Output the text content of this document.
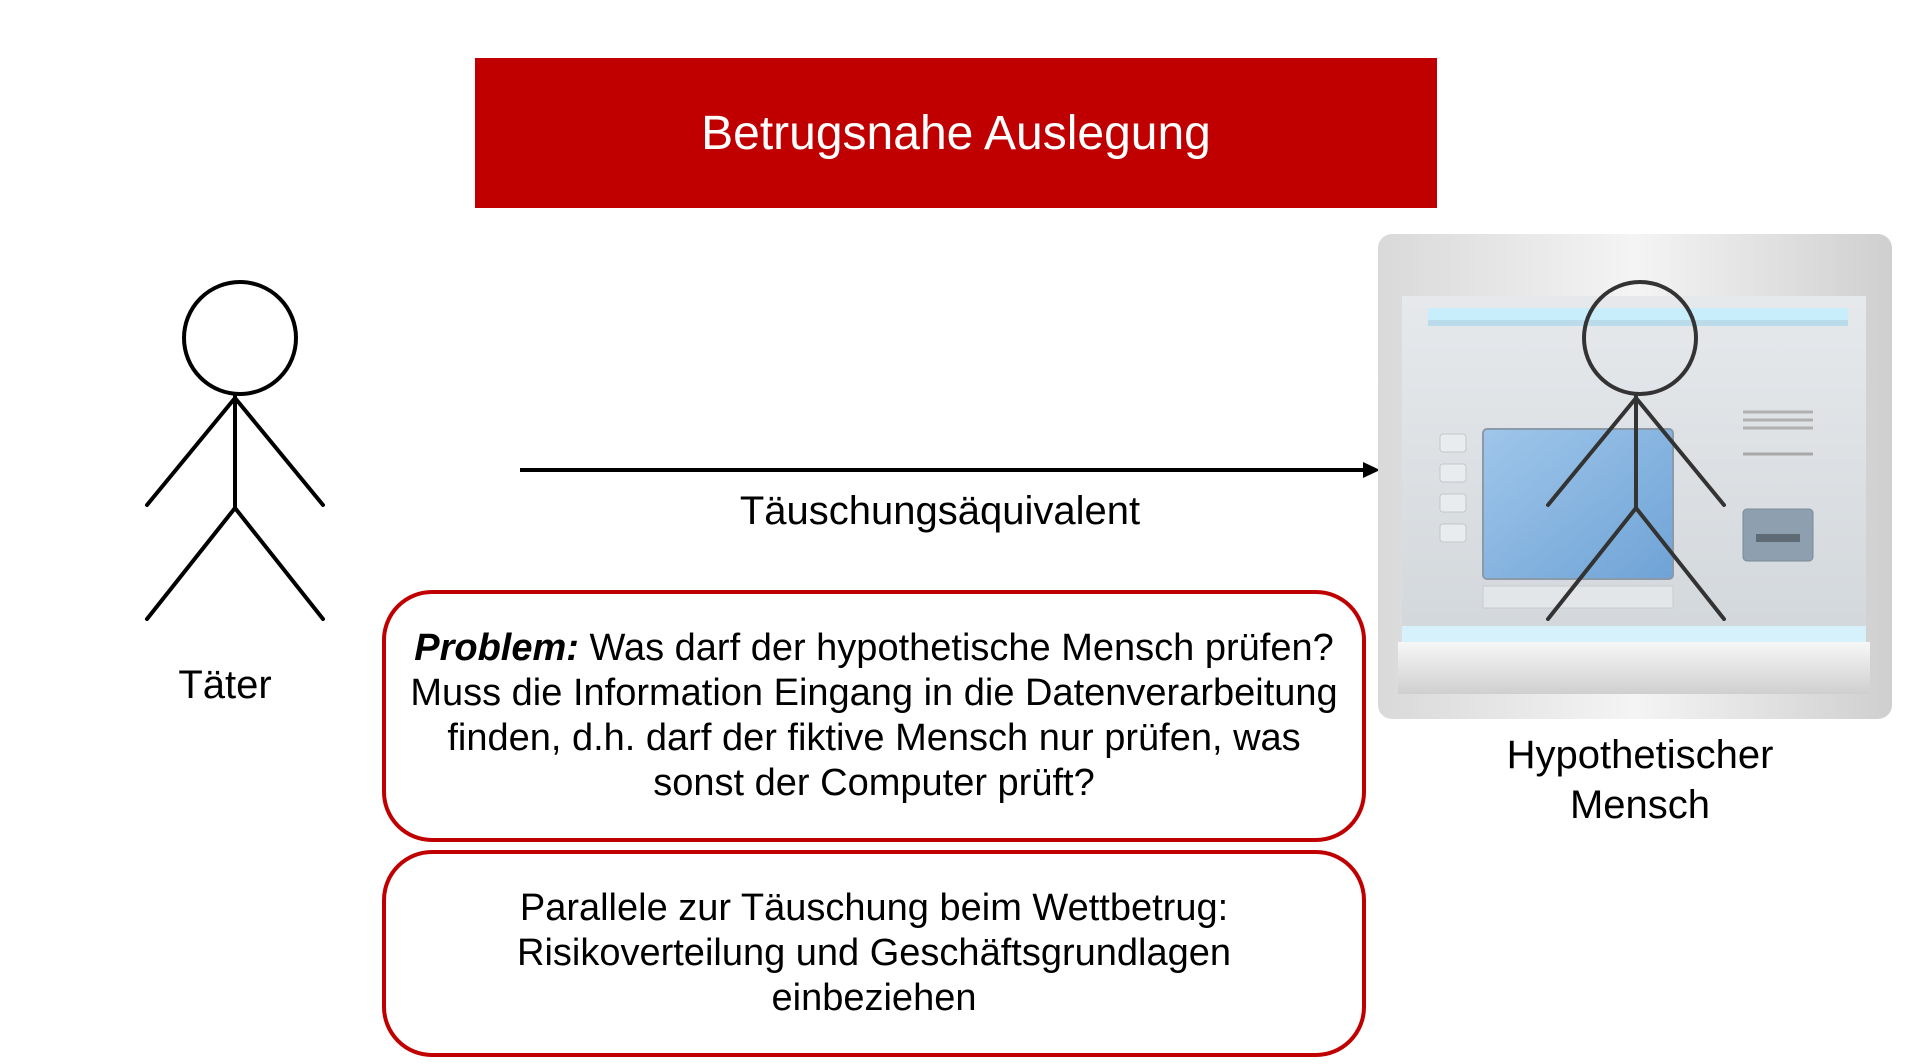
Betrugsnahe Auslegung
Täter
Täuschungsäquivalent
Hypothetischer
Mensch

Problem: Was darf der hypothetische Mensch prüfen? Muss die Information Eingang in die Datenverarbeitung finden, d.h. darf der fiktive Mensch nur prüfen, was sonst der Computer prüft?

Parallele zur Täuschung beim Wettbetrug: Risikoverteilung und Geschäftsgrundlagen einbeziehen
